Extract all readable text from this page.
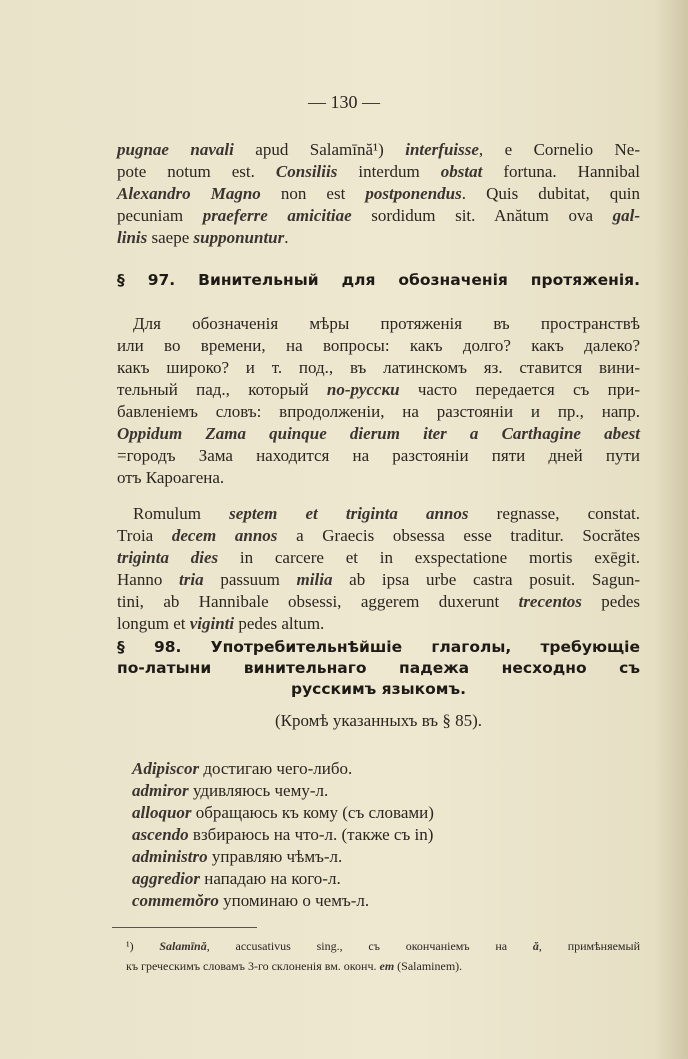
— 130 —
pugnae navali apud Salamīnă¹) interfuisse, e Cornelio Ne-
pote notum est. Consiliis interdum obstat fortuna. Hannibal
Alexandro Magno non est postponendus. Quis dubitat, quin
pecuniam praeferre amicitiae sordidum sit. Anătum ova gal-
linis saepe supponuntur.
§ 97. Винительный для обозначенія протяженія.
Для обозначенія мѣры протяженія въ пространствѣ
или во времени, на вопросы: какъ долго? какъ далеко?
какъ широко? и т. под., въ латинскомъ яз. ставится вини-
тельный пад., который по-русски часто передается съ при-
бавленіемъ словъ: впродолженіи, на разстояніи и пр., напр.
Oppidum Zama quinque dierum iter a Carthagine abest
=городъ Зама находится на разстояніи пяти дней пути
отъ Кароагена.
Romulum septem et triginta annos regnasse, constat.
Troia decem annos a Graecis obsessa esse traditur. Socrătes
triginta dies in carcere et in exspectatione mortis exēgit.
Hanno tria passuum milia ab ipsa urbe castra posuit. Sagun-
tini, ab Hannibale obsessi, aggerem duxerunt trecentos pedes
longum et viginti pedes altum.
§ 98. Употребительнѣйшіе глаголы, требующіе
по-латыни винительнаго падежа несходно съ
русскимъ языкомъ.
(Кромѣ указанныхъ въ § 85).
Adipiscor достигаю чего-либо.
admiror удивляюсь чему-л.
alloquor обращаюсь къ кому (съ словами)
ascendo взбираюсь на что-л. (также съ in)
administro управляю чѣмъ-л.
aggredior нападаю на кого-л.
commemŏro упоминаю о чемъ-л.
¹) Salamīnă, accusativus sing., съ окончаніемъ на ă, примѣняемый
къ греческимъ словамъ 3-го склоненія вм. оконч. em (Salaminem).
